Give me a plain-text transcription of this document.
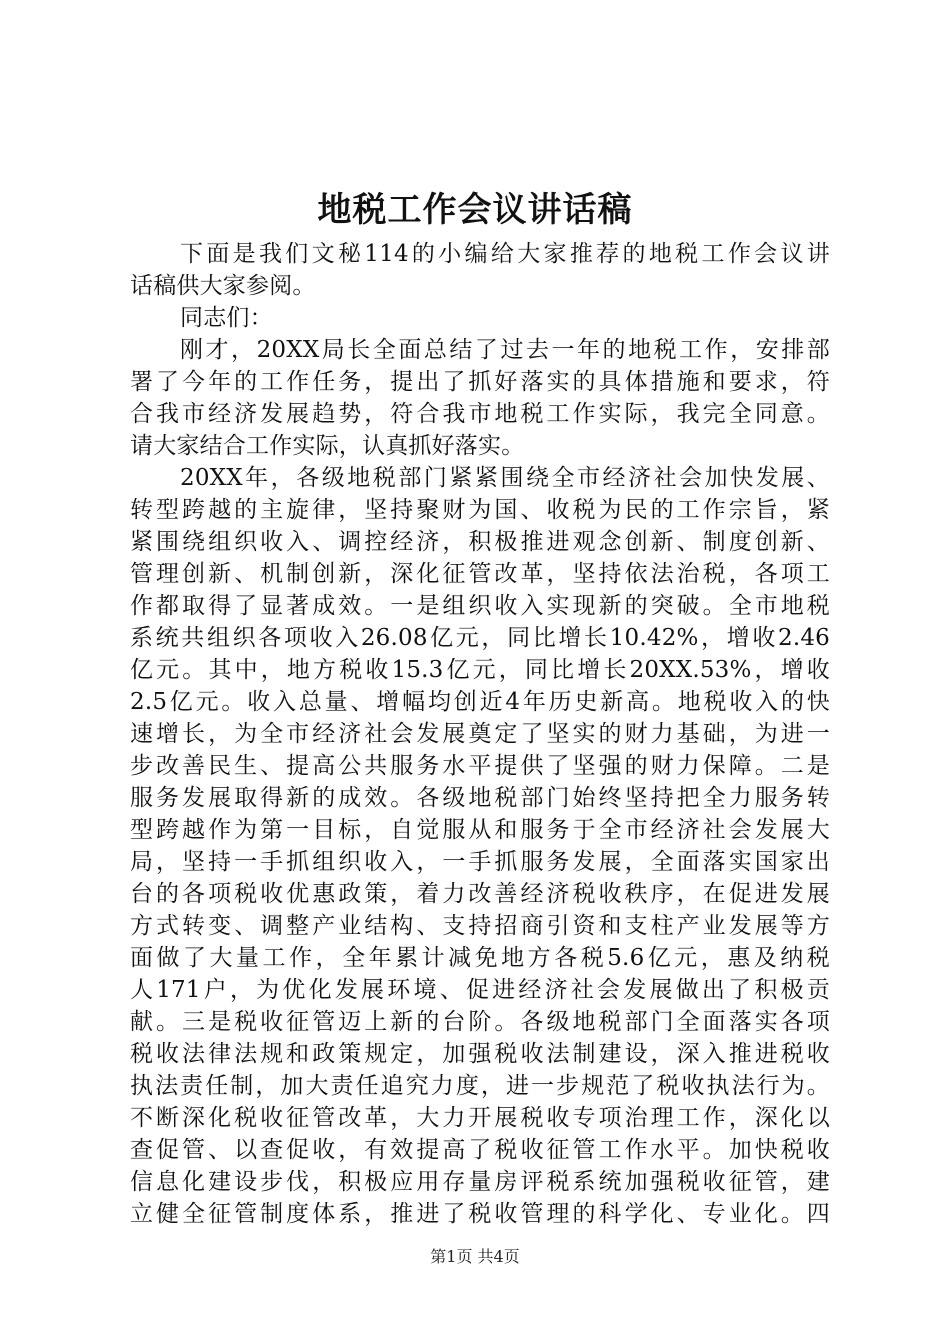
地税工作会议讲话稿
下面是我们文秘114的小编给大家推荐的地税工作会议讲
话稿供大家参阅。
同志们：
刚才，20XX局长全面总结了过去一年的地税工作，安排部
署了今年的工作任务，提出了抓好落实的具体措施和要求，符
合我市经济发展趋势，符合我市地税工作实际，我完全同意。
请大家结合工作实际，认真抓好落实。
20XX年，各级地税部门紧紧围绕全市经济社会加快发展、
转型跨越的主旋律，坚持聚财为国、收税为民的工作宗旨，紧
紧围绕组织收入、调控经济，积极推进观念创新、制度创新、
管理创新、机制创新，深化征管改革，坚持依法治税，各项工
作都取得了显著成效。一是组织收入实现新的突破。全市地税
系统共组织各项收入26.08亿元，同比增长10.42%，增收2.46
亿元。其中，地方税收15.3亿元，同比增长20XX.53%，增收
2.5亿元。收入总量、增幅均创近4年历史新高。地税收入的快
速增长，为全市经济社会发展奠定了坚实的财力基础，为进一
步改善民生、提高公共服务水平提供了坚强的财力保障。二是
服务发展取得新的成效。各级地税部门始终坚持把全力服务转
型跨越作为第一目标，自觉服从和服务于全市经济社会发展大
局，坚持一手抓组织收入，一手抓服务发展，全面落实国家出
台的各项税收优惠政策，着力改善经济税收秩序，在促进发展
方式转变、调整产业结构、支持招商引资和支柱产业发展等方
面做了大量工作，全年累计减免地方各税5.6亿元，惠及纳税
人171户，为优化发展环境、促进经济社会发展做出了积极贡
献。三是税收征管迈上新的台阶。各级地税部门全面落实各项
税收法律法规和政策规定，加强税收法制建设，深入推进税收
执法责任制，加大责任追究力度，进一步规范了税收执法行为。
不断深化税收征管改革，大力开展税收专项治理工作，深化以
查促管、以查促收，有效提高了税收征管工作水平。加快税收
信息化建设步伐，积极应用存量房评税系统加强税收征管，建
立健全征管制度体系，推进了税收管理的科学化、专业化。四
第1页 共4页
